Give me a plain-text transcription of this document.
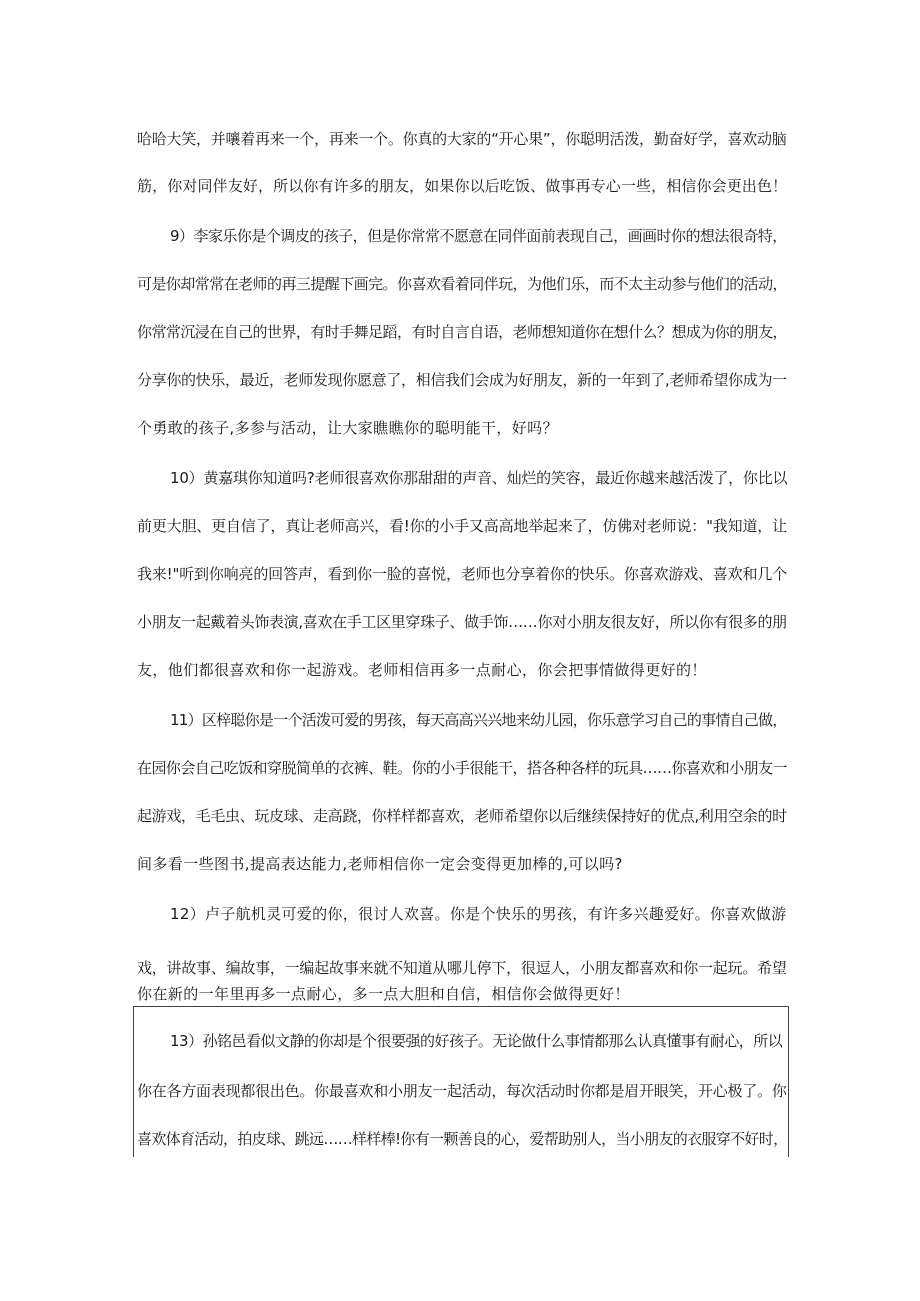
哈哈大笑，并嚷着再来一个，再来一个。你真的大家的“开心果”，你聪明活泼，勤奋好学，喜欢动脑
筋，你对同伴友好，所以你有许多的朋友，如果你以后吃饭、做事再专心一些，相信你会更出色！
9）李家乐你是个调皮的孩子，但是你常常不愿意在同伴面前表现自己，画画时你的想法很奇特，
可是你却常常在老师的再三提醒下画完。你喜欢看着同伴玩，为他们乐，而不太主动参与他们的活动，
你常常沉浸在自己的世界，有时手舞足蹈，有时自言自语，老师想知道你在想什么？想成为你的朋友，
分享你的快乐，最近，老师发现你愿意了，相信我们会成为好朋友，新的一年到了,老师希望你成为一
个勇敢的孩子,多参与活动，让大家瞧瞧你的聪明能干，好吗？
10）黄嘉琪你知道吗?老师很喜欢你那甜甜的声音、灿烂的笑容，最近你越来越活泼了，你比以
前更大胆、更自信了，真让老师高兴，看!你的小手又高高地举起来了，仿佛对老师说："我知道，让
我来!"听到你响亮的回答声，看到你一脸的喜悦，老师也分享着你的快乐。你喜欢游戏、喜欢和几个
小朋友一起戴着头饰表演,喜欢在手工区里穿珠子、做手饰……你对小朋友很友好，所以你有很多的朋
友，他们都很喜欢和你一起游戏。老师相信再多一点耐心，你会把事情做得更好的！
11）区梓聪你是一个活泼可爱的男孩，每天高高兴兴地来幼儿园，你乐意学习自己的事情自己做，
在园你会自己吃饭和穿脱简单的衣裤、鞋。你的小手很能干，搭各种各样的玩具……你喜欢和小朋友一
起游戏，毛毛虫、玩皮球、走高跷，你样样都喜欢，老师希望你以后继续保持好的优点,利用空余的时
间多看一些图书,提高表达能力,老师相信你一定会变得更加棒的,可以吗?
12）卢子航机灵可爱的你，很讨人欢喜。你是个快乐的男孩，有许多兴趣爱好。你喜欢做游
戏，讲故事、编故事，一编起故事来就不知道从哪儿停下，很逗人，小朋友都喜欢和你一起玩。希望
你在新的一年里再多一点耐心，多一点大胆和自信，相信你会做得更好！
13）孙铭邑看似文静的你却是个很要强的好孩子。无论做什么事情都那么认真懂事有耐心，所以
你在各方面表现都很出色。你最喜欢和小朋友一起活动，每次活动时你都是眉开眼笑，开心极了。你
喜欢体育活动，拍皮球、跳远……样样棒!你有一颗善良的心，爱帮助别人，当小朋友的衣服穿不好时，
